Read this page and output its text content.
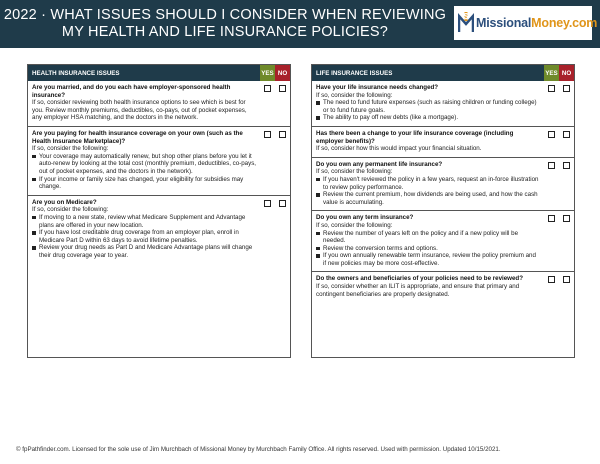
2022 · WHAT ISSUES SHOULD I CONSIDER WHEN REVIEWING
MY HEALTH AND LIFE INSURANCE POLICIES?
$ MissionalMoney.com
HEALTH INSURANCE ISSUES	YES NO
Are you married, and do you each have employer-sponsored health insurance?
If so, consider reviewing both health insurance options to see which is best for you. Review monthly premiums, deductibles, co-pays, out of pocket expenses, any employer HSA matching, and the doctors in the network.
Are you paying for health insurance coverage on your own (such as the Health Insurance Marketplace)?
If so, consider the following:
Your coverage may automatically renew, but shop other plans before you let it auto-renew by looking at the total cost (monthly premium, deductibles, co-pays, out of pocket expenses, and the doctors in the network).
If your income or family size has changed, your eligibility for subsidies may change.
Are you on Medicare?
If so, consider the following:
If moving to a new state, review what Medicare Supplement and Advantage plans are offered in your new location.
If you have lost creditable drug coverage from an employer plan, enroll in Medicare Part D within 63 days to avoid lifetime penalties.
Review your drug needs as Part D and Medicare Advantage plans will change their drug coverage year to year.
LIFE INSURANCE ISSUES	YES NO
Have your life insurance needs changed?
If so, consider the following:
The need to fund future expenses (such as raising children or funding college) or to fund future goals.
The ability to pay off new debts (like a mortgage).
Has there been a change to your life insurance coverage (including employer benefits)?
If so, consider how this would impact your financial situation.
Do you own any permanent life insurance?
If so, consider the following:
If you haven't reviewed the policy in a few years, request an in-force illustration to review policy performance.
Review the current premium, how dividends are being used, and how the cash value is accumulating.
Do you own any term insurance?
If so, consider the following:
Review the number of years left on the policy and if a new policy will be needed.
Review the conversion terms and options.
If you own annually renewable term insurance, review the policy premium and if new policies may be more cost-effective.
Do the owners and beneficiaries of your policies need to be reviewed?
If so, consider whether an ILIT is appropriate, and ensure that primary and contingent beneficiaries are properly designated.
© fpPathfinder.com. Licensed for the sole use of Jim Murchbach of Missional Money by Murchbach Family Office. All rights reserved. Used with permission. Updated 10/15/2021.
